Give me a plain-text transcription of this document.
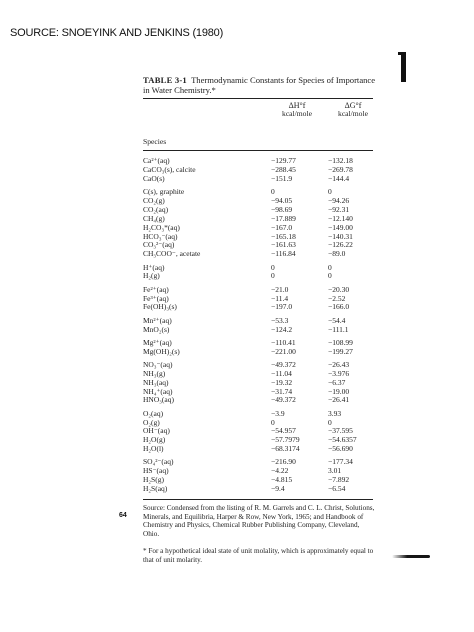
SOURCE: SNOEYINK AND JENKINS (1980)
TABLE 3-1 Thermodynamic Constants for Species of Importance in Water Chemistry.*
ΔH°f
kcal/mole
ΔG°f
kcal/mole
Species
Ca²⁺(aq)	−129.77	−132.18
CaCO₃(s), calcite	−288.45	−269.78
CaO(s)	−151.9	−144.4
C(s), graphite	0	0
CO₂(g)	−94.05	−94.26
CO₂(aq)	−98.69	−92.31
CH₄(g)	−17.889	−12.140
H₂CO₃*(aq)	−167.0	−149.00
HCO₃⁻(aq)	−165.18	−140.31
CO₃²⁻(aq)	−161.63	−126.22
CH₃COO⁻, acetate	−116.84	−89.0
H⁺(aq)	0	0
H₂(g)	0	0
Fe²⁺(aq)	−21.0	−20.30
Fe³⁺(aq)	−11.4	−2.52
Fe(OH)₃(s)	−197.0	−166.0
Mn²⁺(aq)	−53.3	−54.4
MnO₂(s)	−124.2	−111.1
Mg²⁺(aq)	−110.41	−108.99
Mg(OH)₂(s)	−221.00	−199.27
NO₃⁻(aq)	−49.372	−26.43
NH₃(g)	−11.04	−3.976
NH₃(aq)	−19.32	−6.37
NH₄⁺(aq)	−31.74	−19.00
HNO₃(aq)	−49.372	−26.41
O₂(aq)	−3.9	3.93
O₂(g)	0	0
OH⁻(aq)	−54.957	−37.595
H₂O(g)	−57.7979	−54.6357
H₂O(l)	−68.3174	−56.690
SO₄²⁻(aq)	−216.90	−177.34
HS⁻(aq)	−4.22	3.01
H₂S(g)	−4.815	−7.892
H₂S(aq)	−9.4	−6.54
Source: Condensed from the listing of R. M. Garrels and C. L. Christ, Solutions, Minerals, and Equilibria, Harper & Row, New York, 1965; and Handbook of Chemistry and Physics, Chemical Rubber Publishing Company, Cleveland, Ohio.
* For a hypothetical ideal state of unit molality, which is approximately equal to that of unit molarity.
64
